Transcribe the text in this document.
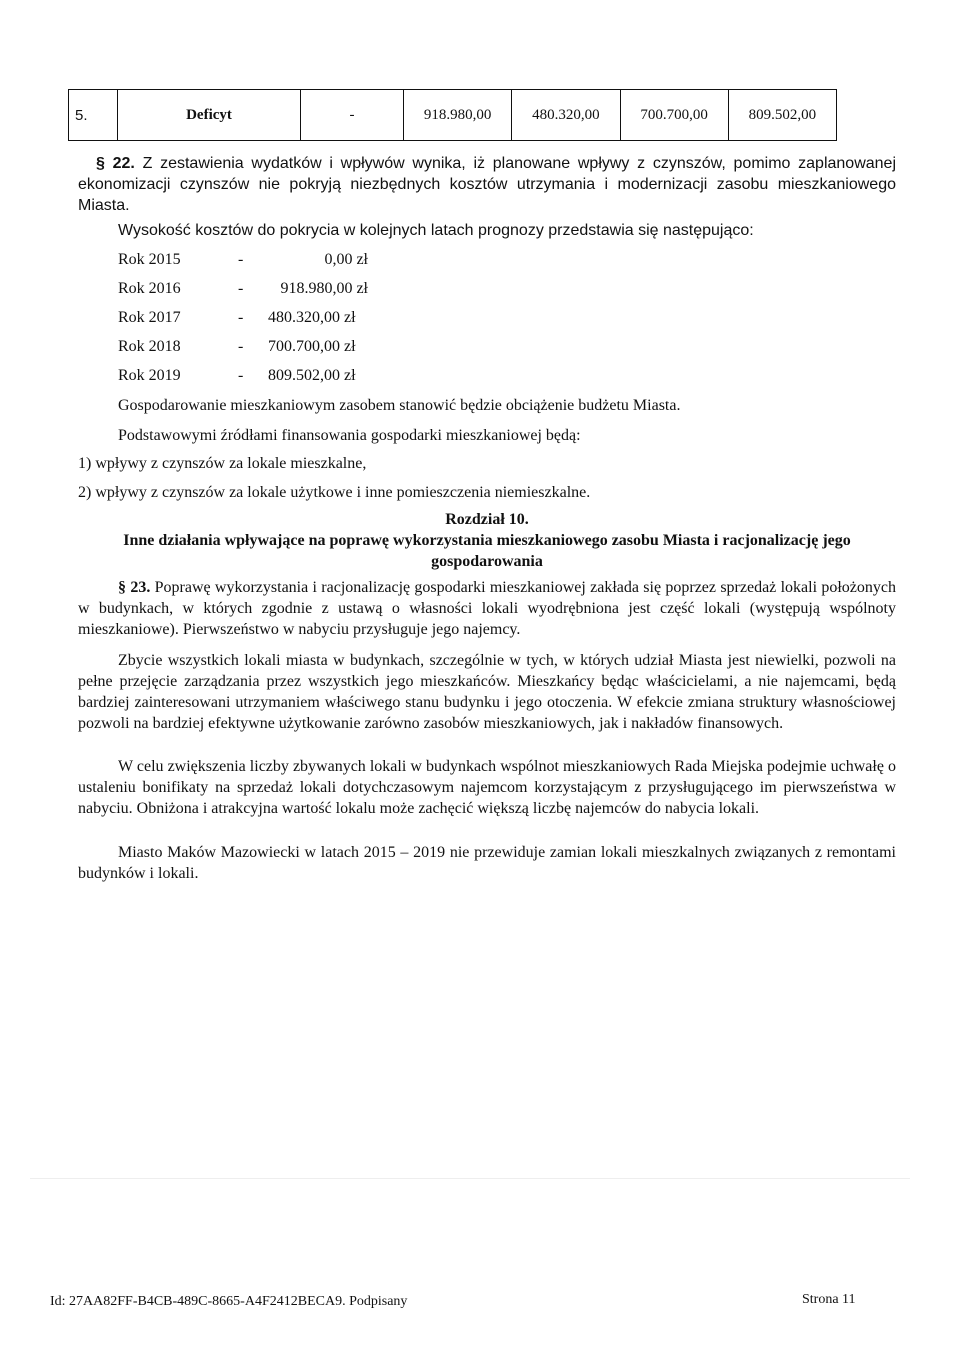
5.	Deficyt	-	918.980,00	480.320,00	700.700,00	809.502,00
§ 22. Z zestawienia wydatków i wpływów wynika, iż planowane wpływy z czynszów, pomimo zaplanowanej ekonomizacji czynszów nie pokryją niezbędnych kosztów utrzymania i modernizacji zasobu mieszkaniowego Miasta.
Wysokość kosztów do pokrycia w kolejnych latach prognozy przedstawia się następująco:
Rok 2015	-	0,00 zł
Rok 2016	-	918.980,00 zł
Rok 2017	-	480.320,00 zł
Rok 2018	-	700.700,00 zł
Rok 2019	-	809.502,00 zł
Gospodarowanie mieszkaniowym zasobem stanowić będzie obciążenie budżetu Miasta.
Podstawowymi źródłami finansowania gospodarki mieszkaniowej będą:
1) wpływy z czynszów za lokale mieszkalne,
2) wpływy z czynszów za lokale użytkowe i inne pomieszczenia niemieszkalne.
Rozdział 10.
Inne działania wpływające na poprawę wykorzystania mieszkaniowego zasobu Miasta i racjonalizację jego
gospodarowania
§ 23. Poprawę wykorzystania i racjonalizację gospodarki mieszkaniowej zakłada się poprzez sprzedaż lokali położonych w budynkach, w których zgodnie z ustawą o własności lokali wyodrębniona jest część lokali (występują wspólnoty mieszkaniowe). Pierwszeństwo w nabyciu przysługuje jego najemcy.
Zbycie wszystkich lokali miasta w budynkach, szczególnie w tych, w których udział Miasta jest niewielki, pozwoli na pełne przejęcie zarządzania przez wszystkich jego mieszkańców. Mieszkańcy będąc właścicielami, a nie najemcami, będą bardziej zainteresowani utrzymaniem właściwego stanu budynku i jego otoczenia. W efekcie zmiana struktury własnościowej pozwoli na bardziej efektywne użytkowanie zarówno zasobów mieszkaniowych, jak i nakładów finansowych.
W celu zwiększenia liczby zbywanych lokali w budynkach wspólnot mieszkaniowych Rada Miejska podejmie uchwałę o ustaleniu bonifikaty na sprzedaż lokali dotychczasowym najemcom korzystającym z przysługującego im pierwszeństwa w nabyciu. Obniżona i atrakcyjna wartość lokalu może zachęcić większą liczbę najemców do nabycia lokali.
Miasto Maków Mazowiecki w latach 2015 – 2019 nie przewiduje zamian lokali mieszkalnych związanych z remontami budynków i lokali.
Id: 27AA82FF-B4CB-489C-8665-A4F2412BECA9. Podpisany	Strona 11
